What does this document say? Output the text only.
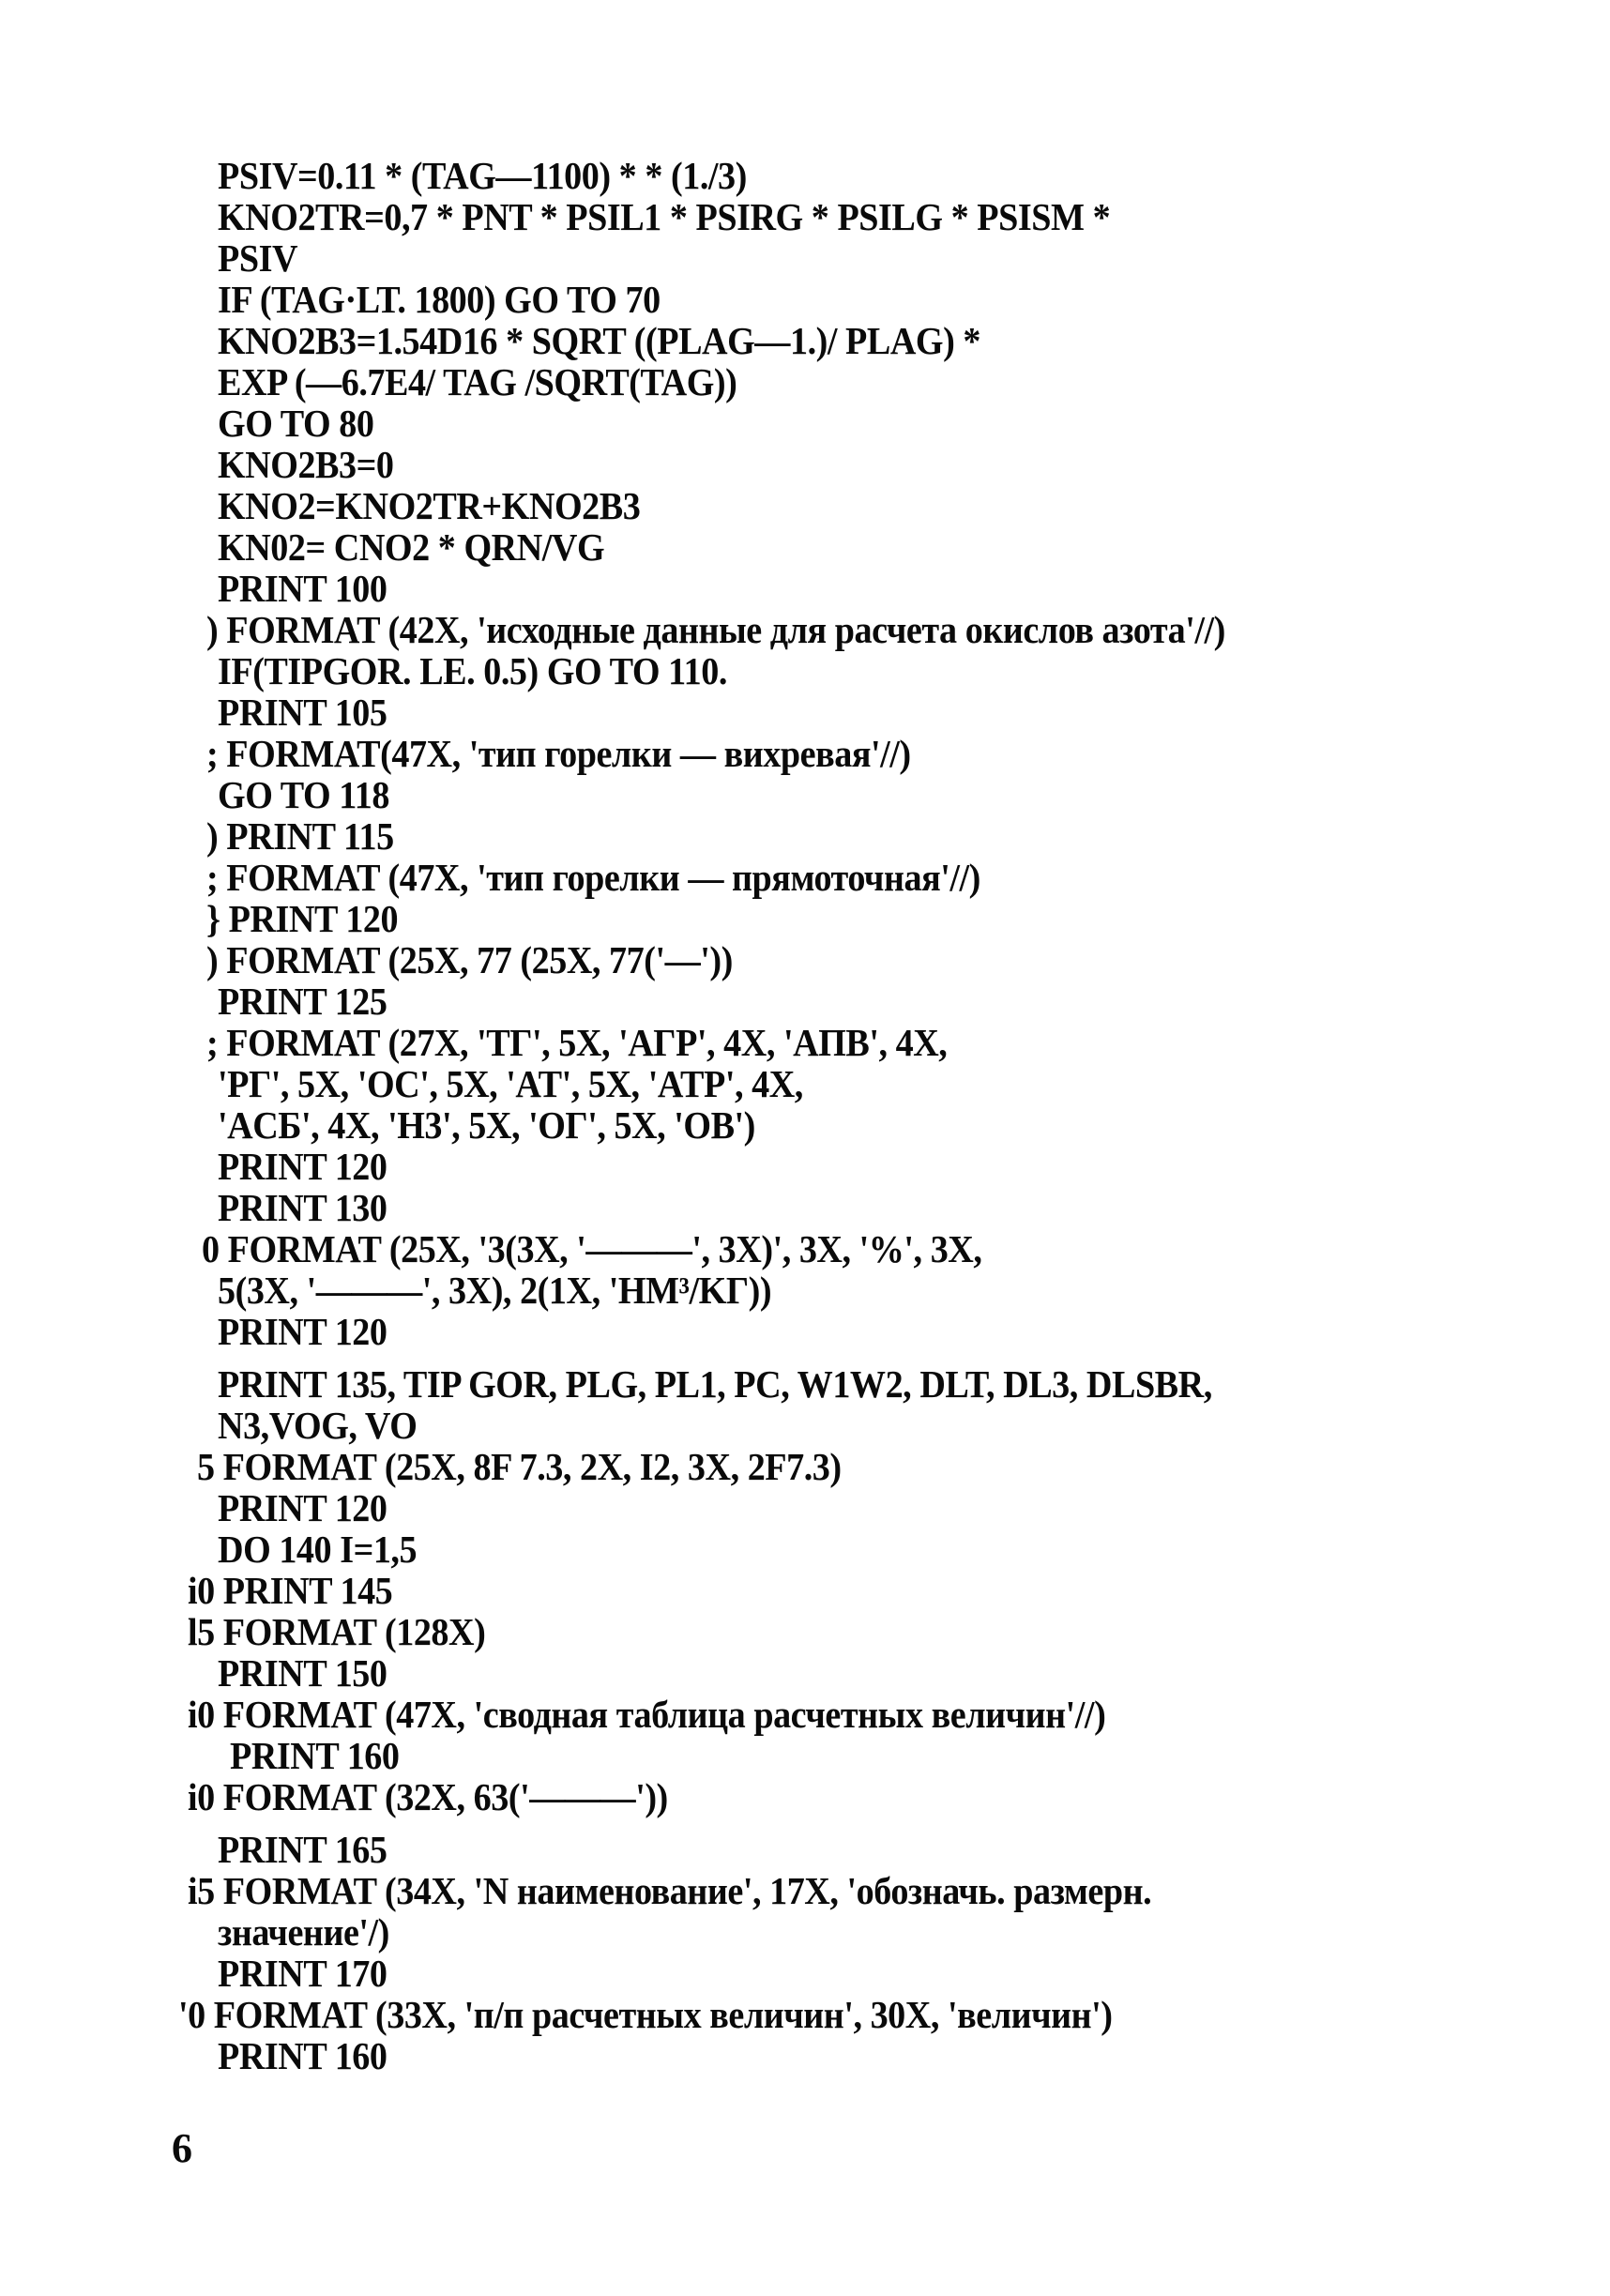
PSIV=0.11 * (TAG—1100) * * (1./3)
KNO2TR=0,7 * PNT * PSIL1 * PSIRG * PSILG * PSISM *
PSIV
IF (TAG·LT. 1800) GO TO 70
KNO2B3=1.54D16 * SQRT ((PLAG—1.)/ PLAG) *
EXP (—6.7E4/ TAG /SQRT(TAG))
GO TO 80
KNO2B3=0
KNO2=KNO2TR+KNO2B3
KN02= CNO2 * QRN/VG
PRINT 100
) FORMAT (42X, 'исходные данные для расчета окислов азота'//)
IF(TIPGOR. LE. 0.5) GO TO 110.
PRINT 105
; FORMAT(47X, 'тип горелки — вихревая'//)
GO TO 118
) PRINT 115
; FORMAT (47X, 'тип горелки — прямоточная'//)
} PRINT 120
) FORMAT (25X, 77 (25X, 77('—'))
PRINT 125
; FORMAT (27X, 'TГ', 5X, 'AГP', 4X, 'AПB', 4X,
'PГ', 5X, 'OC', 5X, 'AT', 5X, 'ATP', 4X,
'ACБ', 4X, 'H3', 5X, 'OГ', 5X, 'OB')
PRINT 120
PRINT 130
0 FORMAT (25X, '3(3X, '———', 3X)', 3X, '%', 3X,
5(3X, '———', 3X), 2(1X, 'HM³/KГ))
PRINT 120
PRINT 135, TIP GOR, PLG, PL1, PC, W1W2, DLT, DL3, DLSBR,
N3,VOG, VO
5 FORMAT (25X, 8F 7.3, 2X, I2, 3X, 2F7.3)
PRINT 120
DO 140 I=1,5
i0 PRINT 145
l5 FORMAT (128X)
PRINT 150
i0 FORMAT (47X, 'сводная таблица расчетных величин'//)
PRINT 160
i0 FORMAT (32X, 63('———'))
PRINT 165
i5 FORMAT (34X, 'N наименование', 17X, 'обозначь. размерн.
значение'/)
PRINT 170
'0 FORMAT (33X, 'п/п расчетных величин', 30X, 'величин')
PRINT 160
6
